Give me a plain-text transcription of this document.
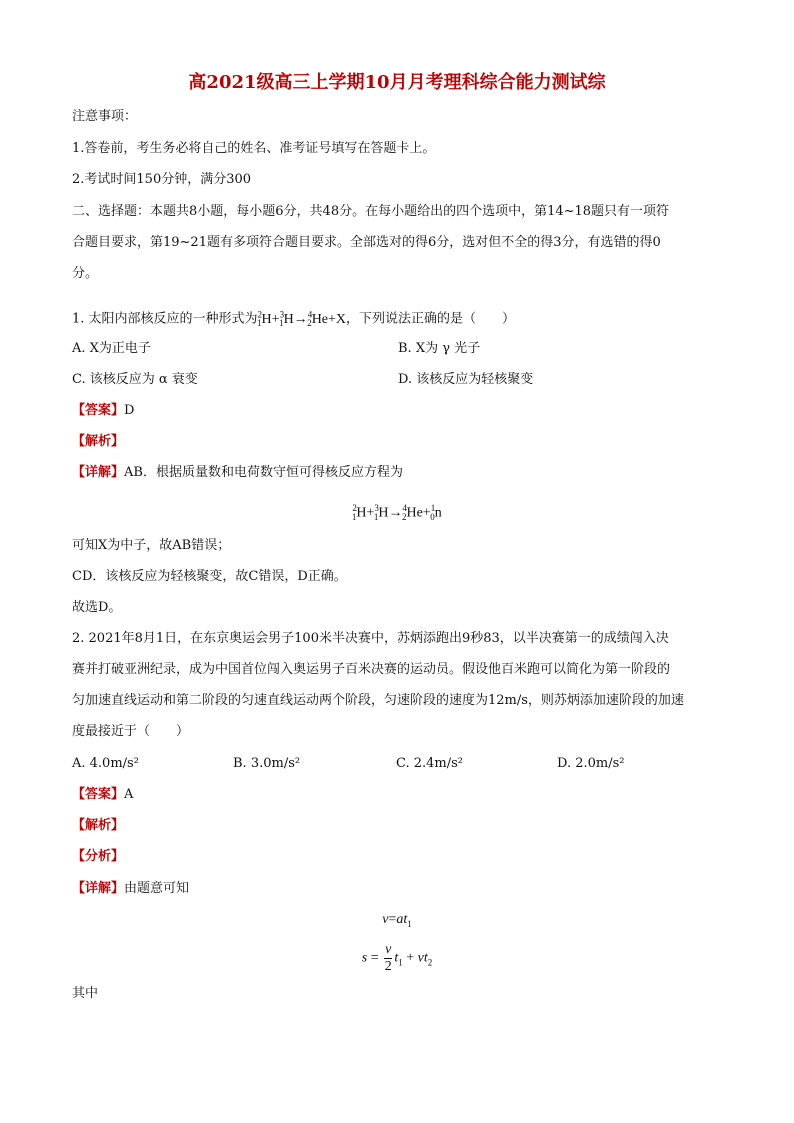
高2021级高三上学期10月月考理科综合能力测试综
注意事项：
1.答卷前，考生务必将自己的姓名、准考证号填写在答题卡上。
2.考试时间150分钟，满分300
二、选择题：本题共8小题，每小题6分，共48分。在每小题给出的四个选项中，第14~18题只有一项符
合题目要求，第19~21题有多项符合题目要求。全部选对的得6分，选对但不全的得3分，有选错的得0
分。
1. 太阳内部核反应的一种形式为$^2_1$H+$^3_1$H→$^4_2$He+X，下列说法正确的是（　　）
A. X为正电子	B. X为 γ 光子
C. 该核反应为 α 衰变	D. 该核反应为轻核聚变
【答案】D
【解析】
【详解】AB．根据质量数和电荷数守恒可得核反应方程为
$^2_1$H+$^3_1$H→$^4_2$He+$^1_0$n
可知X为中子，故AB错误；
CD．该核反应为轻核聚变，故C错误，D正确。
故选D。
2. 2021年8月1日，在东京奥运会男子100米半决赛中，苏炳添跑出9秒83，以半决赛第一的成绩闯入决
赛并打破亚洲纪录，成为中国首位闯入奥运男子百米决赛的运动员。假设他百米跑可以简化为第一阶段的
匀加速直线运动和第二阶段的匀速直线运动两个阶段，匀速阶段的速度为12m/s，则苏炳添加速阶段的加速
度最接近于（　　）
A. 4.0m/s²	B. 3.0m/s²	C. 2.4m/s²	D. 2.0m/s²
【答案】A
【解析】
【分析】
【详解】由题意可知
$v=at_1$
$s = \frac{v}{2} t_1 + vt_2$
其中
